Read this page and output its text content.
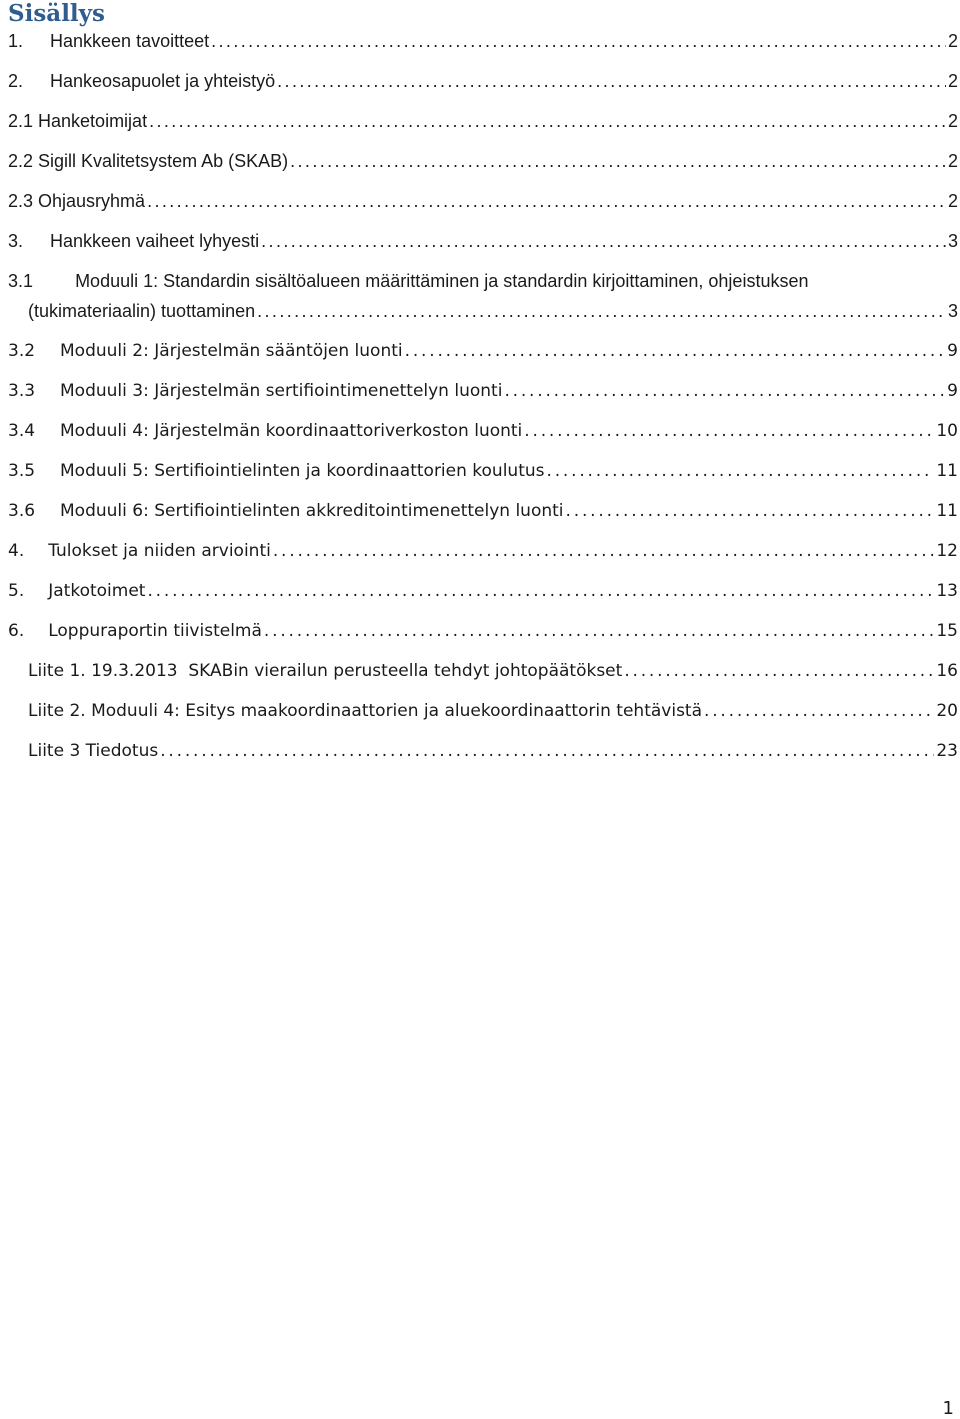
Sisällys
1. Hankkeen tavoitteet . . .	2
2. Hankeosapuolet ja yhteistyö . . .	2
2.1 Hanketoimijat . . .	2
2.2 Sigill Kvalitetsystem Ab (SKAB) . . .	2
2.3 Ohjausryhmä . . .	2
3. Hankkeen vaiheet lyhyesti . . .	3
3.1 Moduuli 1: Standardin sisältöalueen määrittäminen ja standardin kirjoittaminen, ohjeistuksen
(tukimateriaalin) tuottaminen . . .	3
3.2 Moduuli 2: Järjestelmän sääntöjen luonti . . .	9
3.3 Moduuli 3: Järjestelmän sertifiointimenettelyn luonti . . .	9
3.4 Moduuli 4: Järjestelmän koordinaattoriverkoston luonti . . .	10
3.5 Moduuli 5: Sertifiointielinten ja koordinaattorien koulutus . . .	11
3.6 Moduuli 6: Sertifiointielinten akkreditointimenettelyn luonti . . .	11
4. Tulokset ja niiden arviointi . . .	12
5. Jatkotoimet . . .	13
6. Loppuraportin tiivistelmä . . .	15
Liite 1. 19.3.2013  SKABin vierailun perusteella tehdyt johtopäätökset . . .	16
Liite 2. Moduuli 4: Esitys maakoordinaattorien ja aluekoordinaattorin tehtävistä . . .	20
Liite 3 Tiedotus . . .	23
1
